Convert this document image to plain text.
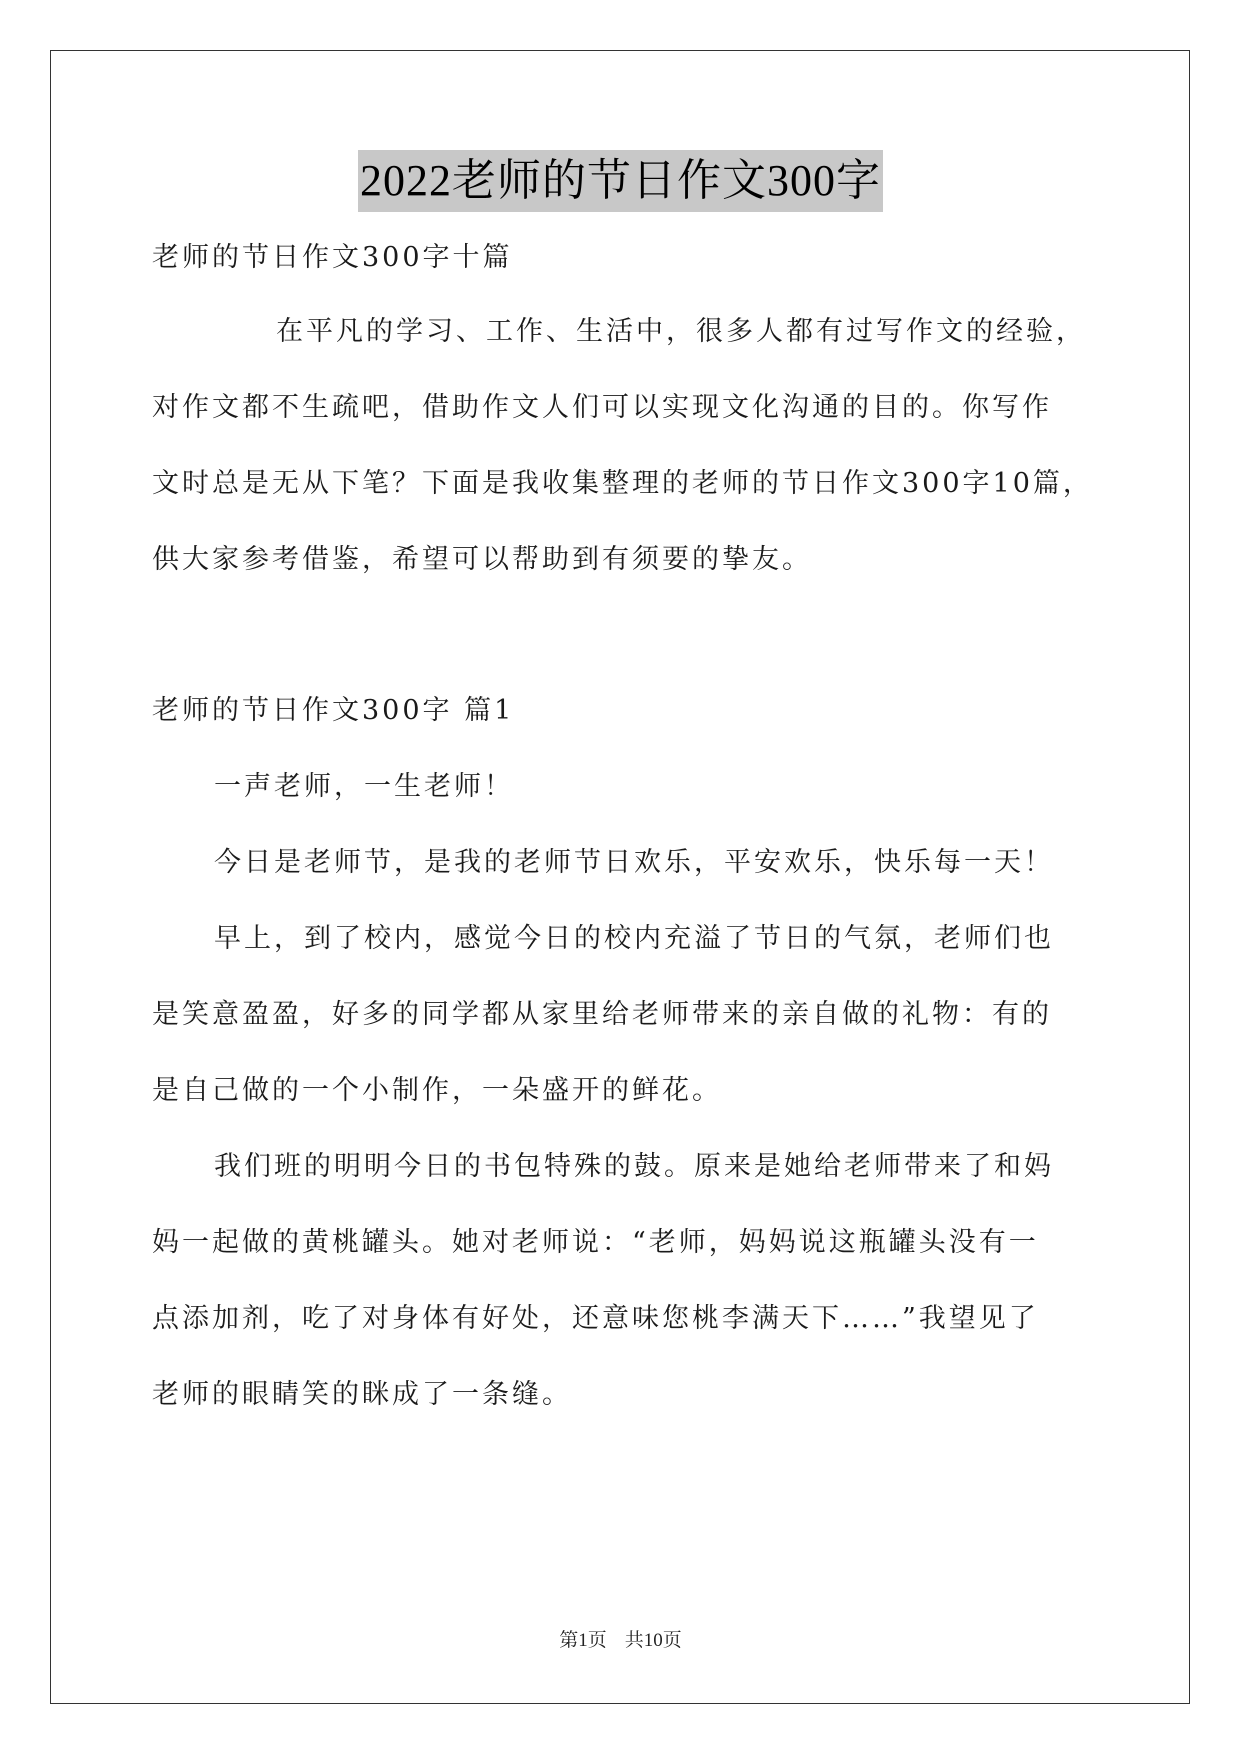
2022老师的节日作文300字
老师的节日作文300字十篇
在平凡的学习、工作、生活中，很多人都有过写作文的经验，
对作文都不生疏吧，借助作文人们可以实现文化沟通的目的。你写作
文时总是无从下笔？下面是我收集整理的老师的节日作文300字10篇，
供大家参考借鉴，希望可以帮助到有须要的挚友。
老师的节日作文300字 篇1
一声老师，一生老师！
今日是老师节，是我的老师节日欢乐，平安欢乐，快乐每一天！
早上，到了校内，感觉今日的校内充溢了节日的气氛，老师们也
是笑意盈盈，好多的同学都从家里给老师带来的亲自做的礼物：有的
是自己做的一个小制作，一朵盛开的鲜花。
我们班的明明今日的书包特殊的鼓。原来是她给老师带来了和妈
妈一起做的黄桃罐头。她对老师说：“老师，妈妈说这瓶罐头没有一
点添加剂，吃了对身体有好处，还意味您桃李满天下……”我望见了
老师的眼睛笑的眯成了一条缝。
第1页 共10页
